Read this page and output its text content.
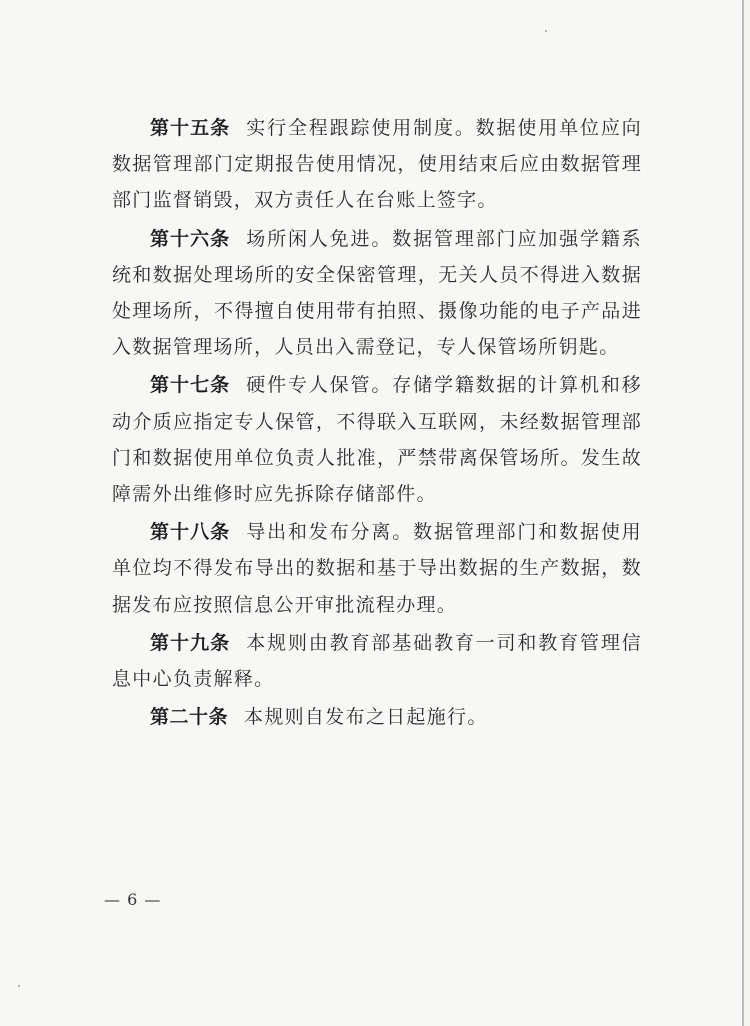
第十五条 实行全程跟踪使用制度。数据使用单位应向数据管理部门定期报告使用情况，使用结束后应由数据管理部门监督销毁，双方责任人在台账上签字。

第十六条 场所闲人免进。数据管理部门应加强学籍系统和数据处理场所的安全保密管理，无关人员不得进入数据处理场所，不得擅自使用带有拍照、摄像功能的电子产品进入数据管理场所，人员出入需登记，专人保管场所钥匙。

第十七条 硬件专人保管。存储学籍数据的计算机和移动介质应指定专人保管，不得联入互联网，未经数据管理部门和数据使用单位负责人批准，严禁带离保管场所。发生故障需外出维修时应先拆除存储部件。

第十八条 导出和发布分离。数据管理部门和数据使用单位均不得发布导出的数据和基于导出数据的生产数据，数据发布应按照信息公开审批流程办理。

第十九条 本规则由教育部基础教育一司和教育管理信息中心负责解释。

第二十条 本规则自发布之日起施行。

— 6 —
